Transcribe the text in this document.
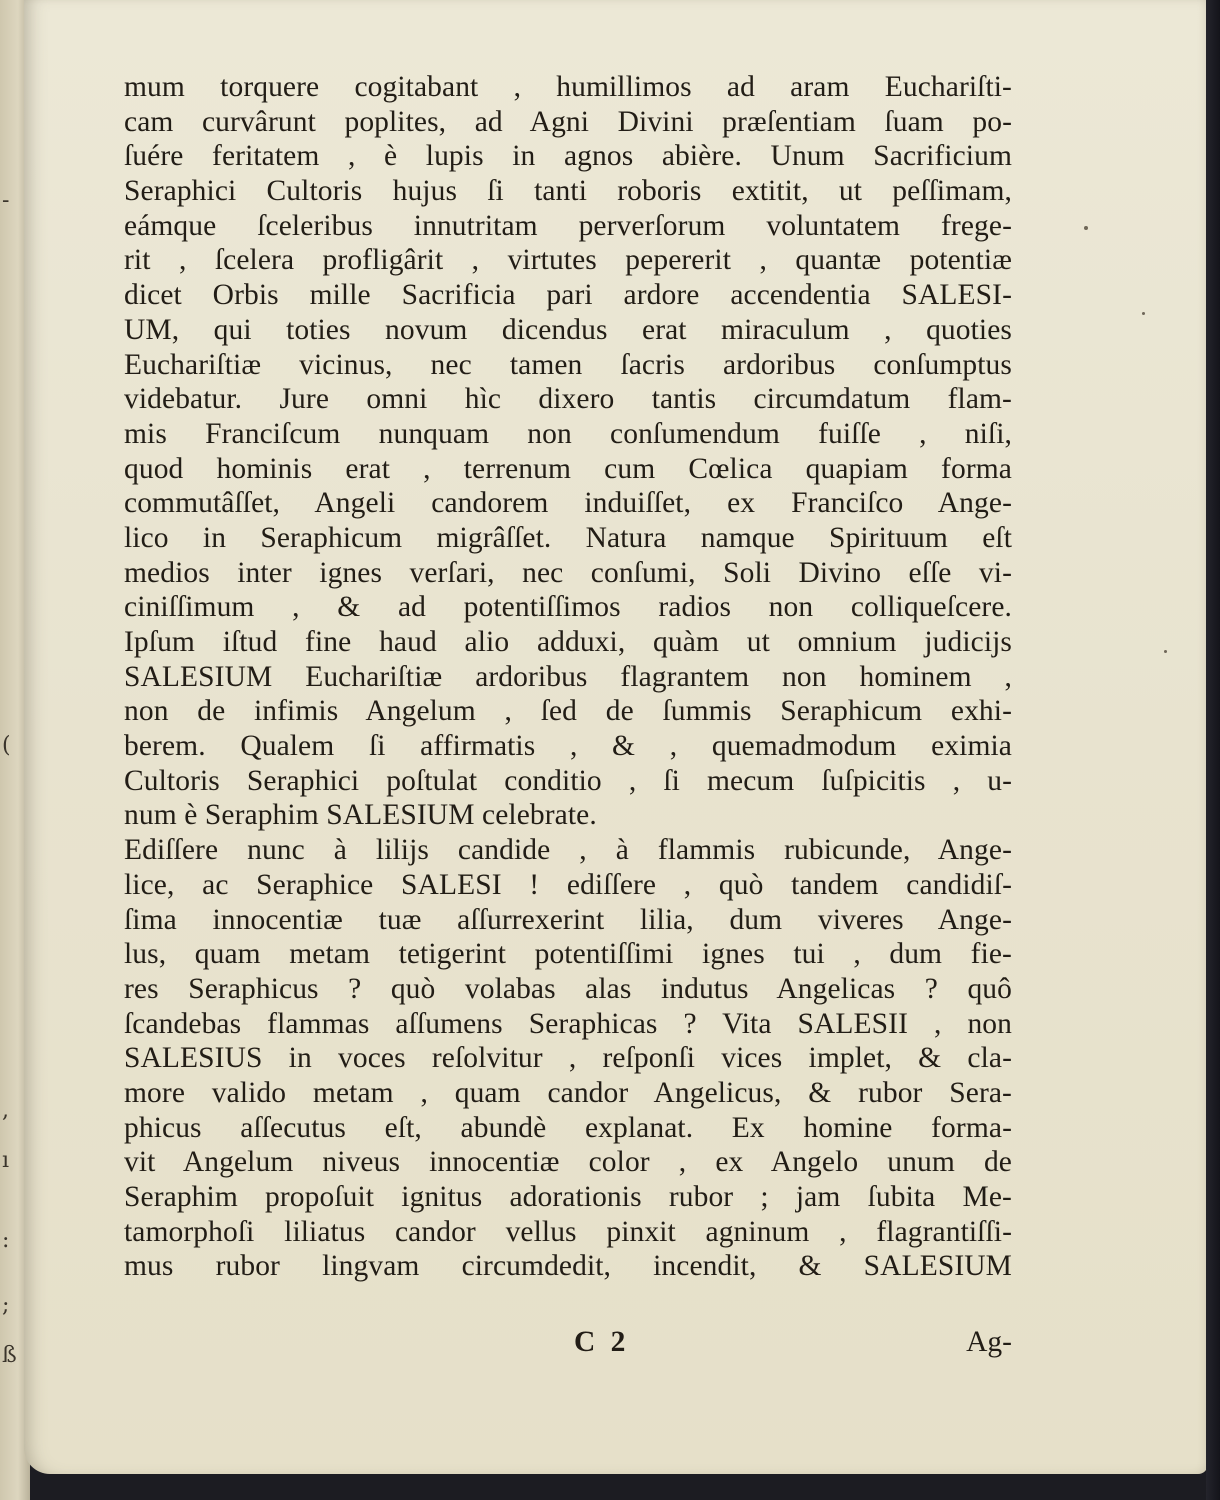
-
(
,
ı
:
;
ß
mum torquere cogitabant , humillimos ad aram Euchariſti-
cam curvârunt poplites, ad Agni Divini præſentiam ſuam po-
ſuére feritatem , è lupis in agnos abière. Unum Sacrificium
Seraphici Cultoris hujus ſi tanti roboris extitit, ut peſſimam,
eámque ſceleribus innutritam perverſorum voluntatem frege-
rit , ſcelera profligârit , virtutes pepererit , quantæ potentiæ
dicet Orbis mille Sacrificia pari ardore accendentia SALESI-
UM, qui toties novum dicendus erat miraculum , quoties
Euchariſtiæ vicinus, nec tamen ſacris ardoribus conſumptus
videbatur. Jure omni hìc dixero tantis circumdatum flam-
mis Franciſcum nunquam non conſumendum fuiſſe , niſi,
quod hominis erat , terrenum cum Cœlica quapiam forma
commutâſſet, Angeli candorem induiſſet, ex Franciſco Ange-
lico in Seraphicum migrâſſet. Natura namque Spirituum eſt
medios inter ignes verſari, nec conſumi, Soli Divino eſſe vi-
ciniſſimum , & ad potentiſſimos radios non colliqueſcere.
Ipſum iſtud fine haud alio adduxi, quàm ut omnium judicijs
SALESIUM Euchariſtiæ ardoribus flagrantem non hominem ,
non de infimis Angelum , ſed de ſummis Seraphicum exhi-
berem. Qualem ſi affirmatis , & , quemadmodum eximia
Cultoris Seraphici poſtulat conditio , ſi mecum ſuſpicitis , u-
num è Seraphim SALESIUM celebrate.
Ediſſere nunc à lilijs candide , à flammis rubicunde, Ange-
lice, ac Seraphice SALESI ! ediſſere , quò tandem candidiſ-
ſima innocentiæ tuæ aſſurrexerint lilia, dum viveres Ange-
lus, quam metam tetigerint potentiſſimi ignes tui , dum fie-
res Seraphicus ? quò volabas alas indutus Angelicas ? quô
ſcandebas flammas aſſumens Seraphicas ? Vita SALESII , non
SALESIUS in voces reſolvitur , reſponſi vices implet, & cla-
more valido metam , quam candor Angelicus, & rubor Sera-
phicus aſſecutus eſt, abundè explanat. Ex homine forma-
vit Angelum niveus innocentiæ color , ex Angelo unum de
Seraphim propoſuit ignitus adorationis rubor ; jam ſubita Me-
tamorphoſi liliatus candor vellus pinxit agninum , flagrantiſſi-
mus rubor lingvam circumdedit, incendit, & SALESIUM
C 2	Ag-
